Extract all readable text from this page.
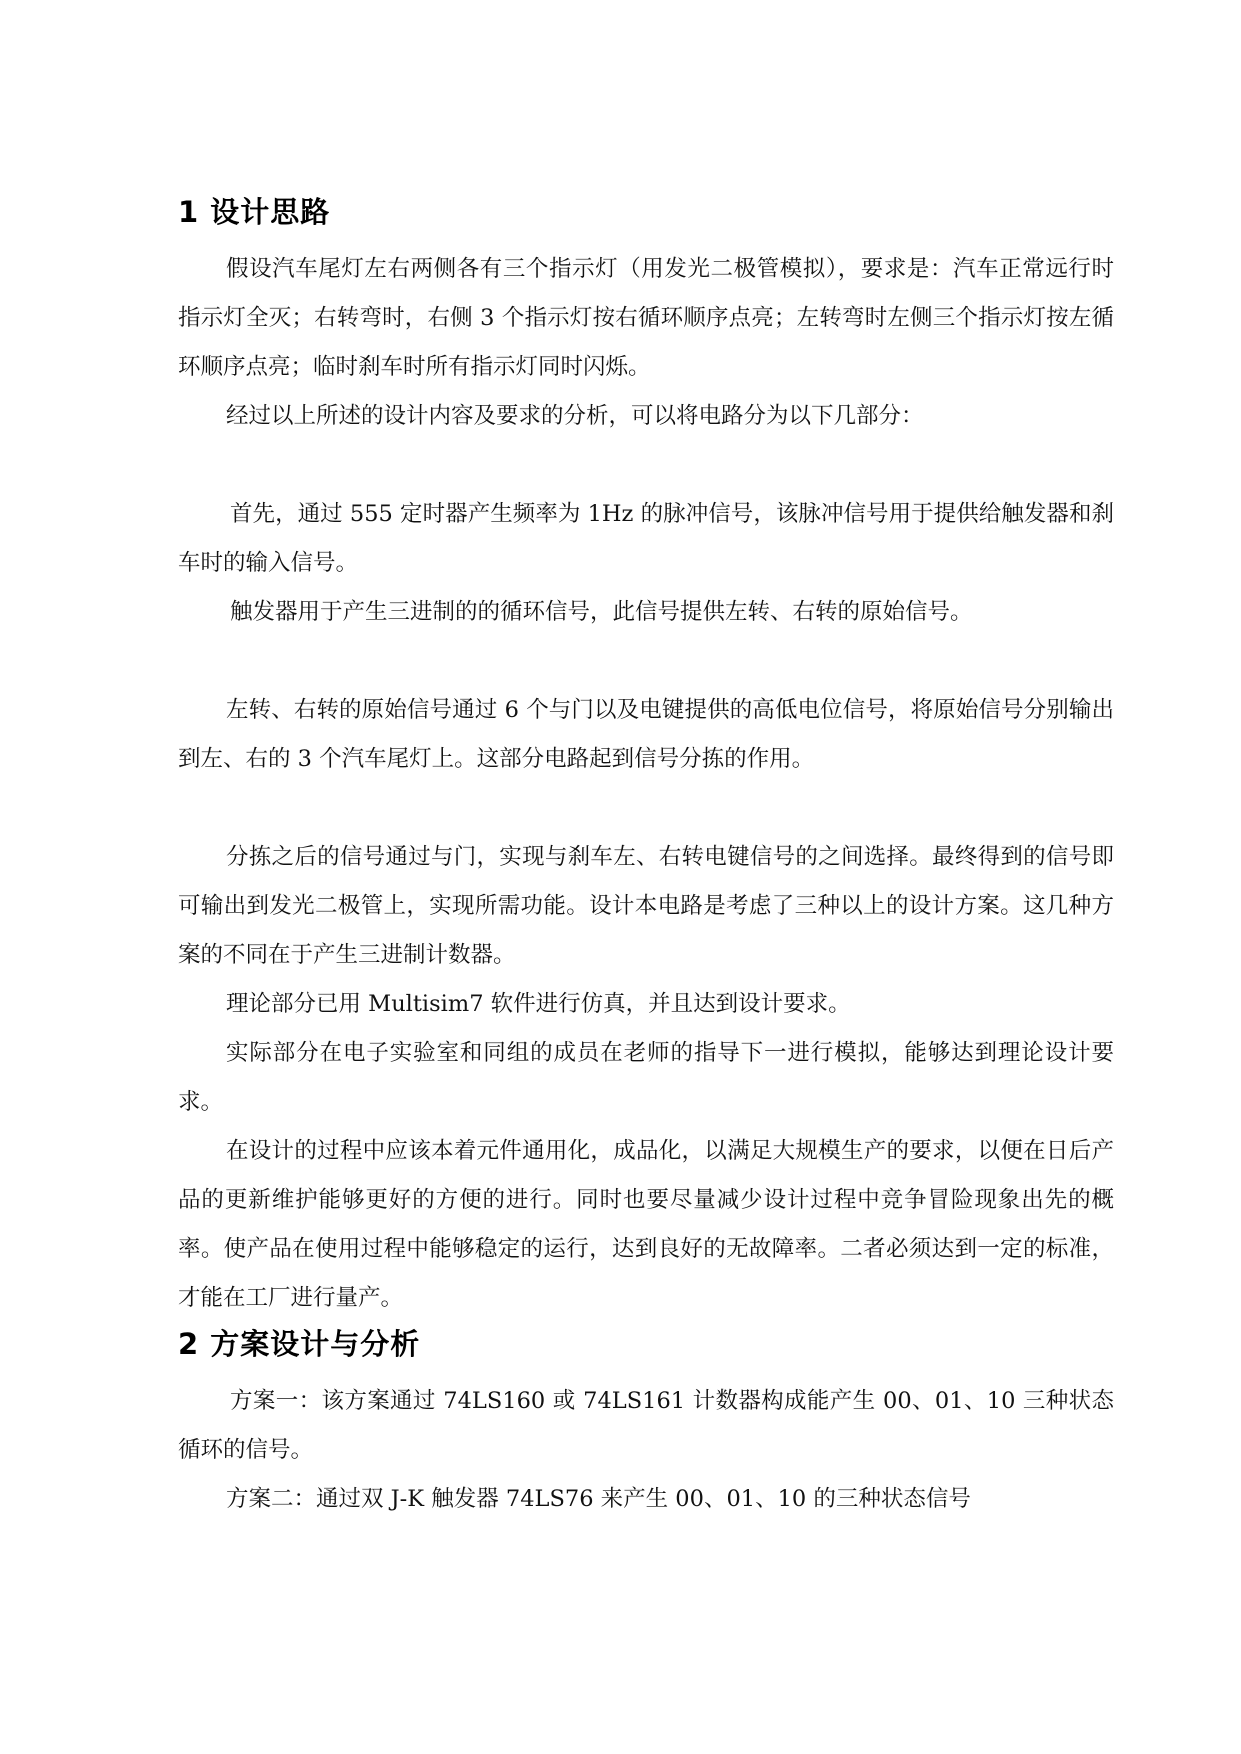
1 设计思路

假设汽车尾灯左右两侧各有三个指示灯（用发光二极管模拟），要求是：汽车正常远行时指示灯全灭；右转弯时，右侧 3 个指示灯按右循环顺序点亮；左转弯时左侧三个指示灯按左循环顺序点亮；临时刹车时所有指示灯同时闪烁。

经过以上所述的设计内容及要求的分析，可以将电路分为以下几部分：

首先，通过 555 定时器产生频率为 1Hz 的脉冲信号，该脉冲信号用于提供给触发器和刹车时的输入信号。

触发器用于产生三进制的的循环信号，此信号提供左转、右转的原始信号。

左转、右转的原始信号通过 6 个与门以及电键提供的高低电位信号，将原始信号分别输出到左、右的 3 个汽车尾灯上。这部分电路起到信号分拣的作用。

分拣之后的信号通过与门，实现与刹车左、右转电键信号的之间选择。最终得到的信号即可输出到发光二极管上，实现所需功能。设计本电路是考虑了三种以上的设计方案。这几种方案的不同在于产生三进制计数器。

理论部分已用 Multisim7 软件进行仿真，并且达到设计要求。

实际部分在电子实验室和同组的成员在老师的指导下一进行模拟，能够达到理论设计要求。

在设计的过程中应该本着元件通用化，成品化，以满足大规模生产的要求，以便在日后产品的更新维护能够更好的方便的进行。同时也要尽量减少设计过程中竞争冒险现象出先的概率。使产品在使用过程中能够稳定的运行，达到良好的无故障率。二者必须达到一定的标准，才能在工厂进行量产。

2 方案设计与分析

方案一：该方案通过 74LS160 或 74LS161 计数器构成能产生 00、01、10 三种状态循环的信号。

方案二：通过双 J-K 触发器 74LS76 来产生 00、01、10 的三种状态信号
